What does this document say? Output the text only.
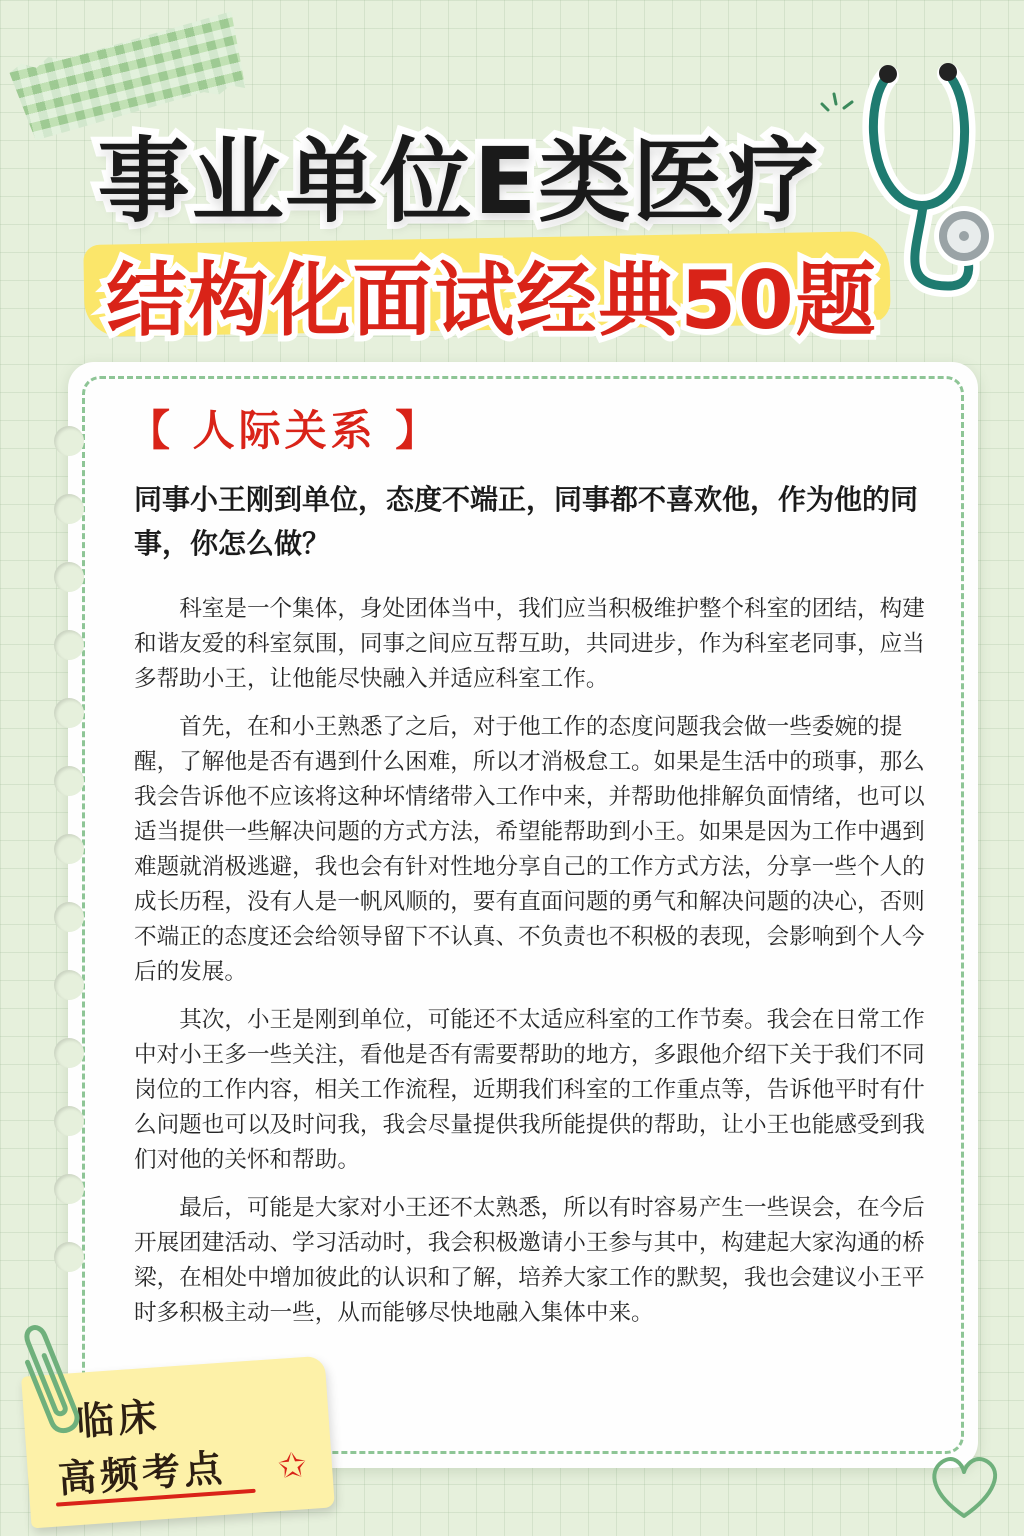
事业单位E类医疗
结构化面试经典50题
【 人际关系 】
同事小王刚到单位，态度不端正，同事都不喜欢他，作为他的同事，你怎么做？

科室是一个集体，身处团体当中，我们应当积极维护整个科室的团结，构建和谐友爱的科室氛围，同事之间应互帮互助，共同进步，作为科室老同事，应当多帮助小王，让他能尽快融入并适应科室工作。

首先，在和小王熟悉了之后，对于他工作的态度问题我会做一些委婉的提醒，了解他是否有遇到什么困难，所以才消极怠工。如果是生活中的琐事，那么我会告诉他不应该将这种坏情绪带入工作中来，并帮助他排解负面情绪，也可以适当提供一些解决问题的方式方法，希望能帮助到小王。如果是因为工作中遇到难题就消极逃避，我也会有针对性地分享自己的工作方式方法，分享一些个人的成长历程，没有人是一帆风顺的，要有直面问题的勇气和解决问题的决心，否则不端正的态度还会给领导留下不认真、不负责也不积极的表现，会影响到个人今后的发展。

其次，小王是刚到单位，可能还不太适应科室的工作节奏。我会在日常工作中对小王多一些关注，看他是否有需要帮助的地方，多跟他介绍下关于我们不同岗位的工作内容，相关工作流程，近期我们科室的工作重点等，告诉他平时有什么问题也可以及时问我，我会尽量提供我所能提供的帮助，让小王也能感受到我们对他的关怀和帮助。

最后，可能是大家对小王还不太熟悉，所以有时容易产生一些误会，在今后开展团建活动、学习活动时，我会积极邀请小王参与其中，构建起大家沟通的桥梁，在相处中增加彼此的认识和了解，培养大家工作的默契，我也会建议小王平时多积极主动一些，从而能够尽快地融入集体中来。

临床
高频考点 ✩
